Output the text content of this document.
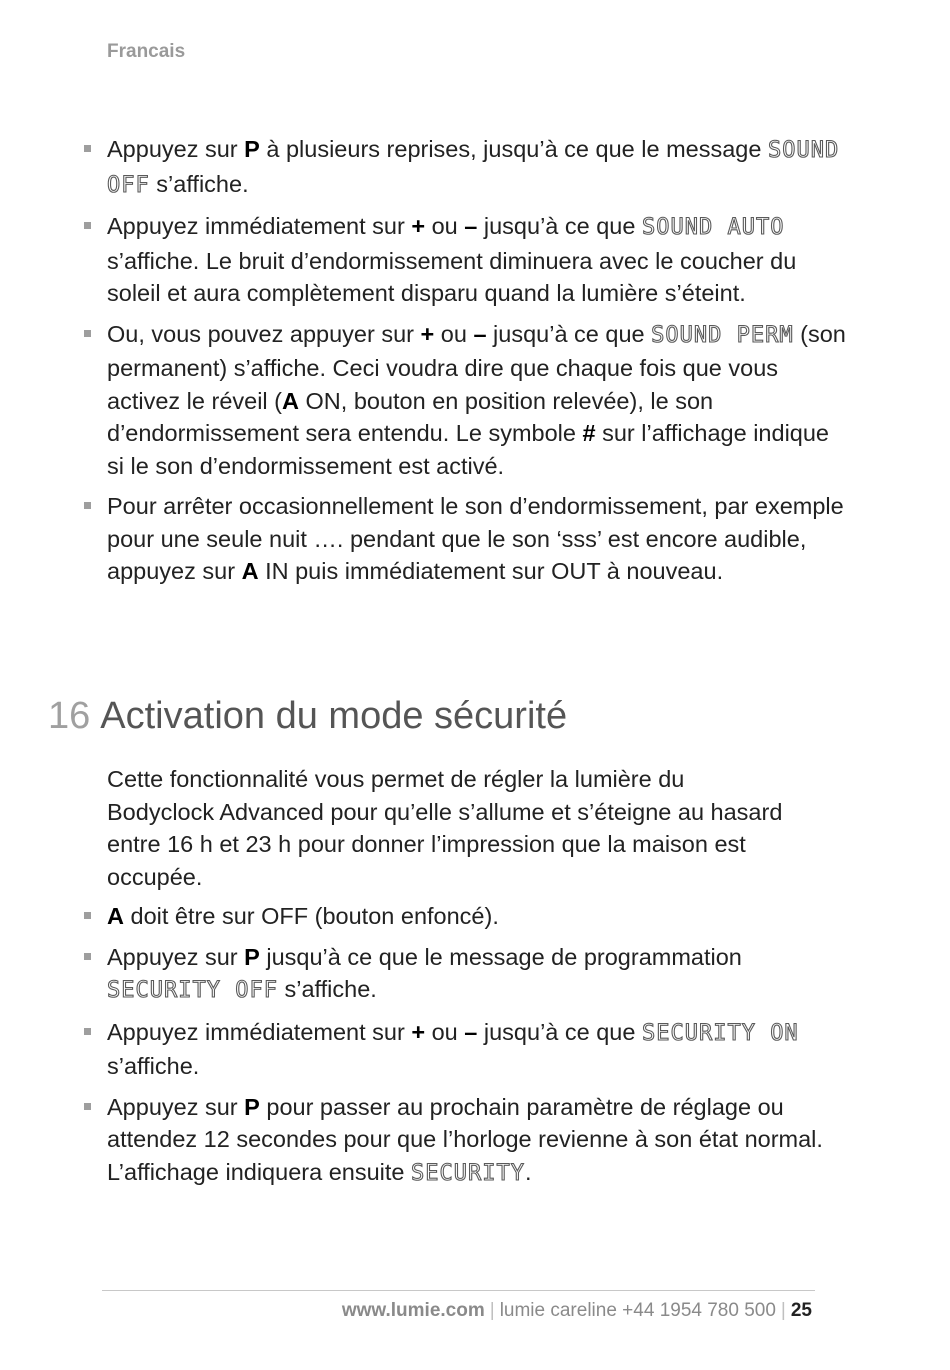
Francais
Appuyez sur P à plusieurs reprises, jusqu’à ce que le message SOUND OFF s’affiche.
Appuyez immédiatement sur + ou – jusqu’à ce que SOUND AUTO s’affiche. Le bruit d’endormissement diminuera avec le coucher du soleil et aura complètement disparu quand la lumière s’éteint.
Ou, vous pouvez appuyer sur + ou – jusqu’à ce que SOUND PERM (son permanent) s’affiche. Ceci voudra dire que chaque fois que vous activez le réveil (A ON, bouton en position relevée), le son d’endormissement sera entendu. Le symbole # sur l’affichage indique si le son d’endormissement est activé.
Pour arrêter occasionnellement le son d’endormissement, par exemple pour une seule nuit …. pendant que le son ‘sss’ est encore audible, appuyez sur A IN puis immédiatement sur OUT à nouveau.
16 Activation du mode sécurité

Cette fonctionnalité vous permet de régler la lumière du Bodyclock Advanced pour qu’elle s’allume et s’éteigne au hasard entre 16 h et 23 h pour donner l’impression que la maison est occupée.

A doit être sur OFF (bouton enfoncé).
Appuyez sur P jusqu’à ce que le message de programmation SECURITY OFF s’affiche.
Appuyez immédiatement sur + ou – jusqu’à ce que SECURITY ON s’affiche.
Appuyez sur P pour passer au prochain paramètre de réglage ou attendez 12 secondes pour que l’horloge revienne à son état normal. L’affichage indiquera ensuite SECURITY.
www.lumie.com | lumie careline +44 1954 780 500 | 25
